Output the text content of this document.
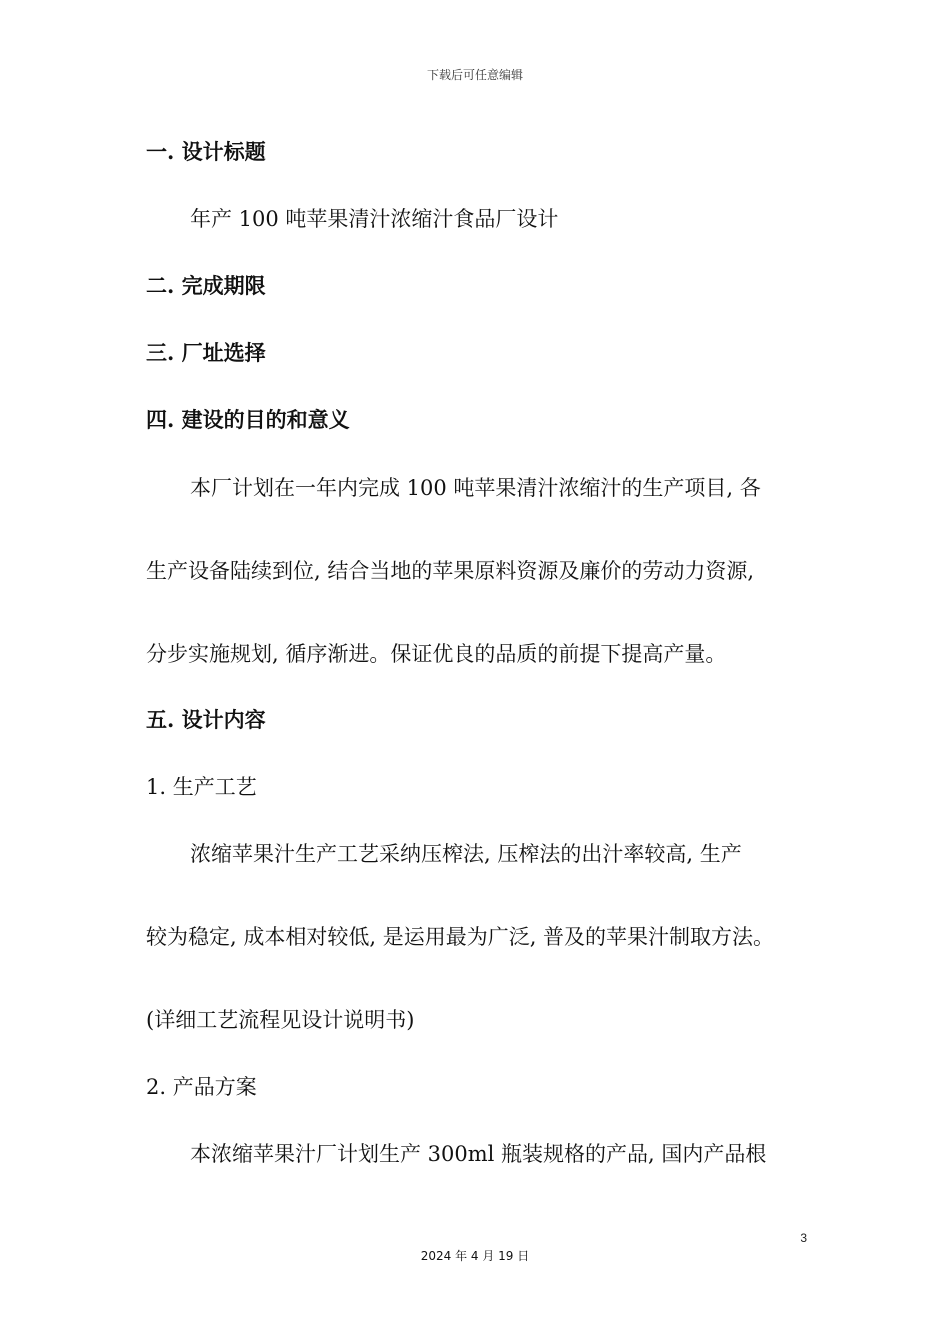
下载后可任意编辑
一. 设计标题
年产 100 吨苹果清汁浓缩汁食品厂设计
二. 完成期限
三. 厂址选择
四. 建设的目的和意义
本厂计划在一年内完成 100 吨苹果清汁浓缩汁的生产项目, 各
生产设备陆续到位, 结合当地的苹果原料资源及廉价的劳动力资源,
分步实施规划, 循序渐进。保证优良的品质的前提下提高产量。
五. 设计内容
1. 生产工艺
浓缩苹果汁生产工艺采纳压榨法, 压榨法的出汁率较高, 生产
较为稳定, 成本相对较低, 是运用最为广泛, 普及的苹果汁制取方法。
(详细工艺流程见设计说明书)
2. 产品方案
本浓缩苹果汁厂计划生产 300ml 瓶装规格的产品, 国内产品根
3
2024 年 4 月 19 日
